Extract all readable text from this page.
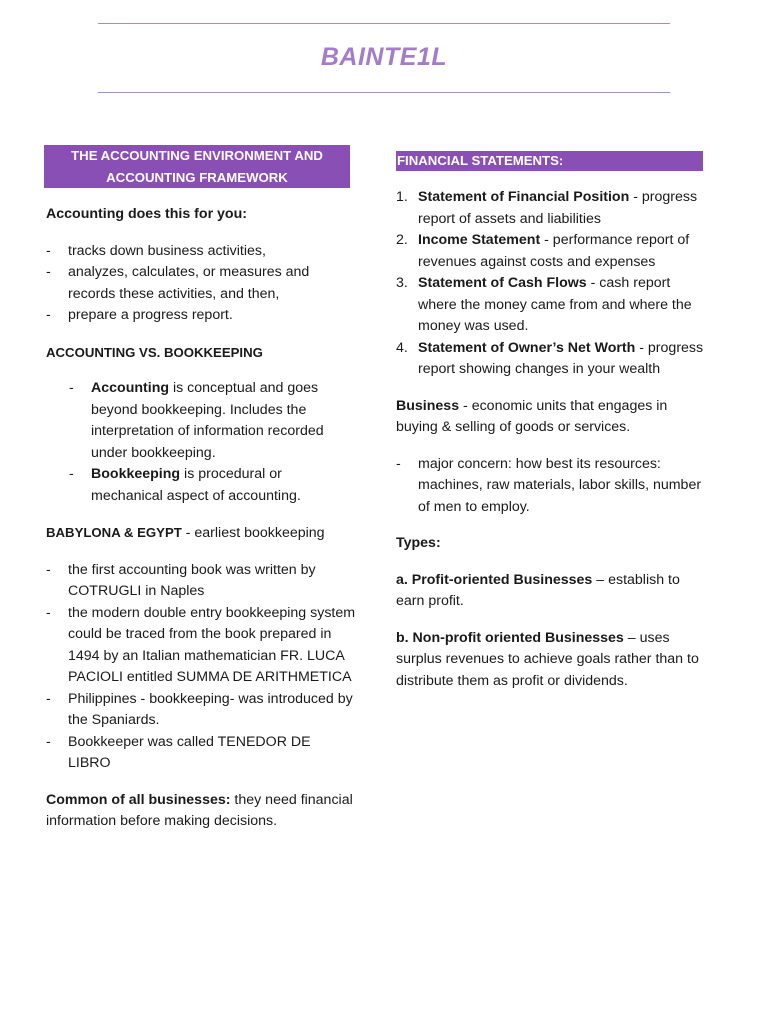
BAINTE1L
THE ACCOUNTING ENVIRONMENT AND ACCOUNTING FRAMEWORK

Accounting does this for you:

- tracks down business activities,
- analyzes, calculates, or measures and records these activities, and then,
- prepare a progress report.

ACCOUNTING VS. BOOKKEEPING

- Accounting is conceptual and goes beyond bookkeeping. Includes the interpretation of information recorded under bookkeeping.
- Bookkeeping is procedural or mechanical aspect of accounting.

BABYLONA & EGYPT - earliest bookkeeping

- the first accounting book was written by COTRUGLI in Naples
- the modern double entry bookkeeping system could be traced from the book prepared in 1494 by an Italian mathematician FR. LUCA PACIOLI entitled SUMMA DE ARITHMETICA
- Philippines - bookkeeping- was introduced by the Spaniards.
- Bookkeeper was called TENEDOR DE LIBRO

Common of all businesses: they need financial information before making decisions.

FINANCIAL STATEMENTS:
1. Statement of Financial Position - progress report of assets and liabilities
2. Income Statement - performance report of revenues against costs and expenses
3. Statement of Cash Flows - cash report where the money came from and where the money was used.
4. Statement of Owner’s Net Worth - progress report showing changes in your wealth

Business - economic units that engages in buying & selling of goods or services.

- major concern: how best its resources: machines, raw materials, labor skills, number of men to employ.

Types:

a. Profit-oriented Businesses – establish to earn profit.

b. Non-profit oriented Businesses – uses surplus revenues to achieve goals rather than to distribute them as profit or dividends.
